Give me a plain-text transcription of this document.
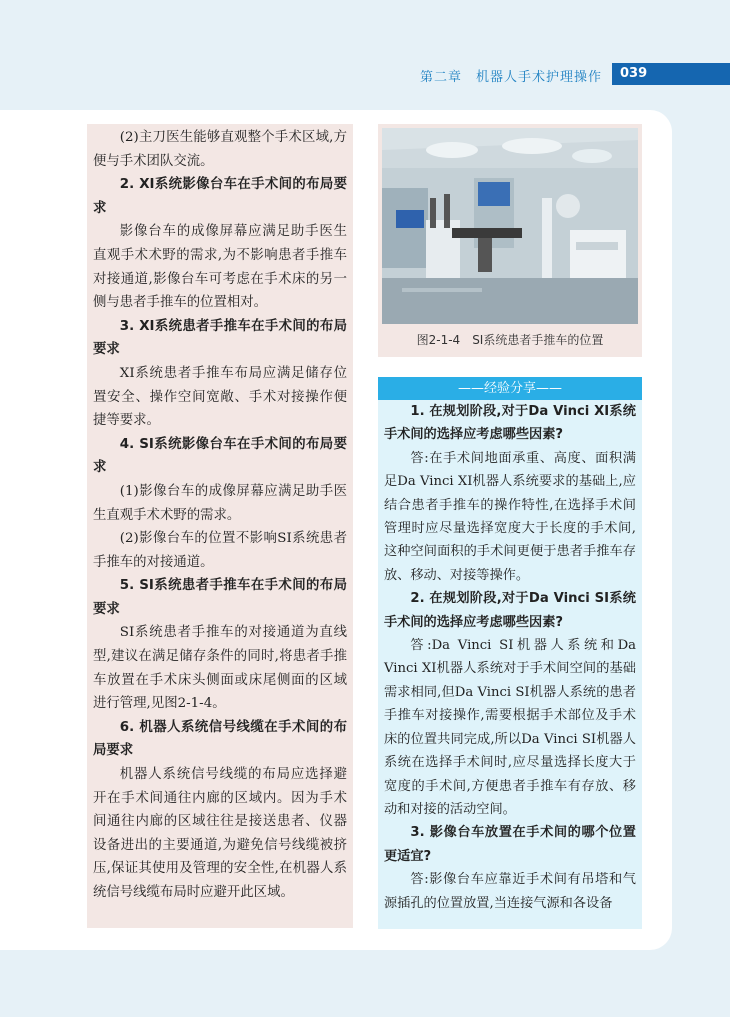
第二章　机器人手术护理操作	039

(2)主刀医生能够直观整个手术区域,方便与手术团队交流。

2. XI系统影像台车在手术间的布局要求

影像台车的成像屏幕应满足助手医生直观手术术野的需求,为不影响患者手推车对接通道,影像台车可考虑在手术床的另一侧与患者手推车的位置相对。

3. XI系统患者手推车在手术间的布局要求

XI系统患者手推车布局应满足储存位置安全、操作空间宽敞、手术对接操作便捷等要求。

4. SI系统影像台车在手术间的布局要求

(1)影像台车的成像屏幕应满足助手医生直观手术术野的需求。

(2)影像台车的位置不影响SI系统患者手推车的对接通道。

5. SI系统患者手推车在手术间的布局要求

SI系统患者手推车的对接通道为直线型,建议在满足储存条件的同时,将患者手推车放置在手术床头侧面或床尾侧面的区域进行管理,见图2-1-4。

6. 机器人系统信号线缆在手术间的布局要求

机器人系统信号线缆的布局应选择避开在手术间通往内廊的区域内。因为手术间通往内廊的区域往往是接送患者、仪器设备进出的主要通道,为避免信号线缆被挤压,保证其使用及管理的安全性,在机器人系统信号线缆布局时应避开此区域。

图2-1-4　SI系统患者手推车的位置
——经验分享——

1. 在规划阶段,对于Da Vinci XI系统手术间的选择应考虑哪些因素?

答:在手术间地面承重、高度、面积满足Da Vinci XI机器人系统要求的基础上,应结合患者手推车的操作特性,在选择手术间管理时应尽量选择宽度大于长度的手术间,这种空间面积的手术间更便于患者手推车存放、移动、对接等操作。

2. 在规划阶段,对于Da Vinci SI系统手术间的选择应考虑哪些因素?

答:Da Vinci SI机器人系统和Da Vinci XI机器人系统对于手术间空间的基础需求相同,但Da Vinci SI机器人系统的患者手推车对接操作,需要根据手术部位及手术床的位置共同完成,所以Da Vinci SI机器人系统在选择手术间时,应尽量选择长度大于宽度的手术间,方便患者手推车有存放、移动和对接的活动空间。

3. 影像台车放置在手术间的哪个位置更适宜?

答:影像台车应靠近手术间有吊塔和气源插孔的位置放置,当连接气源和各设备
